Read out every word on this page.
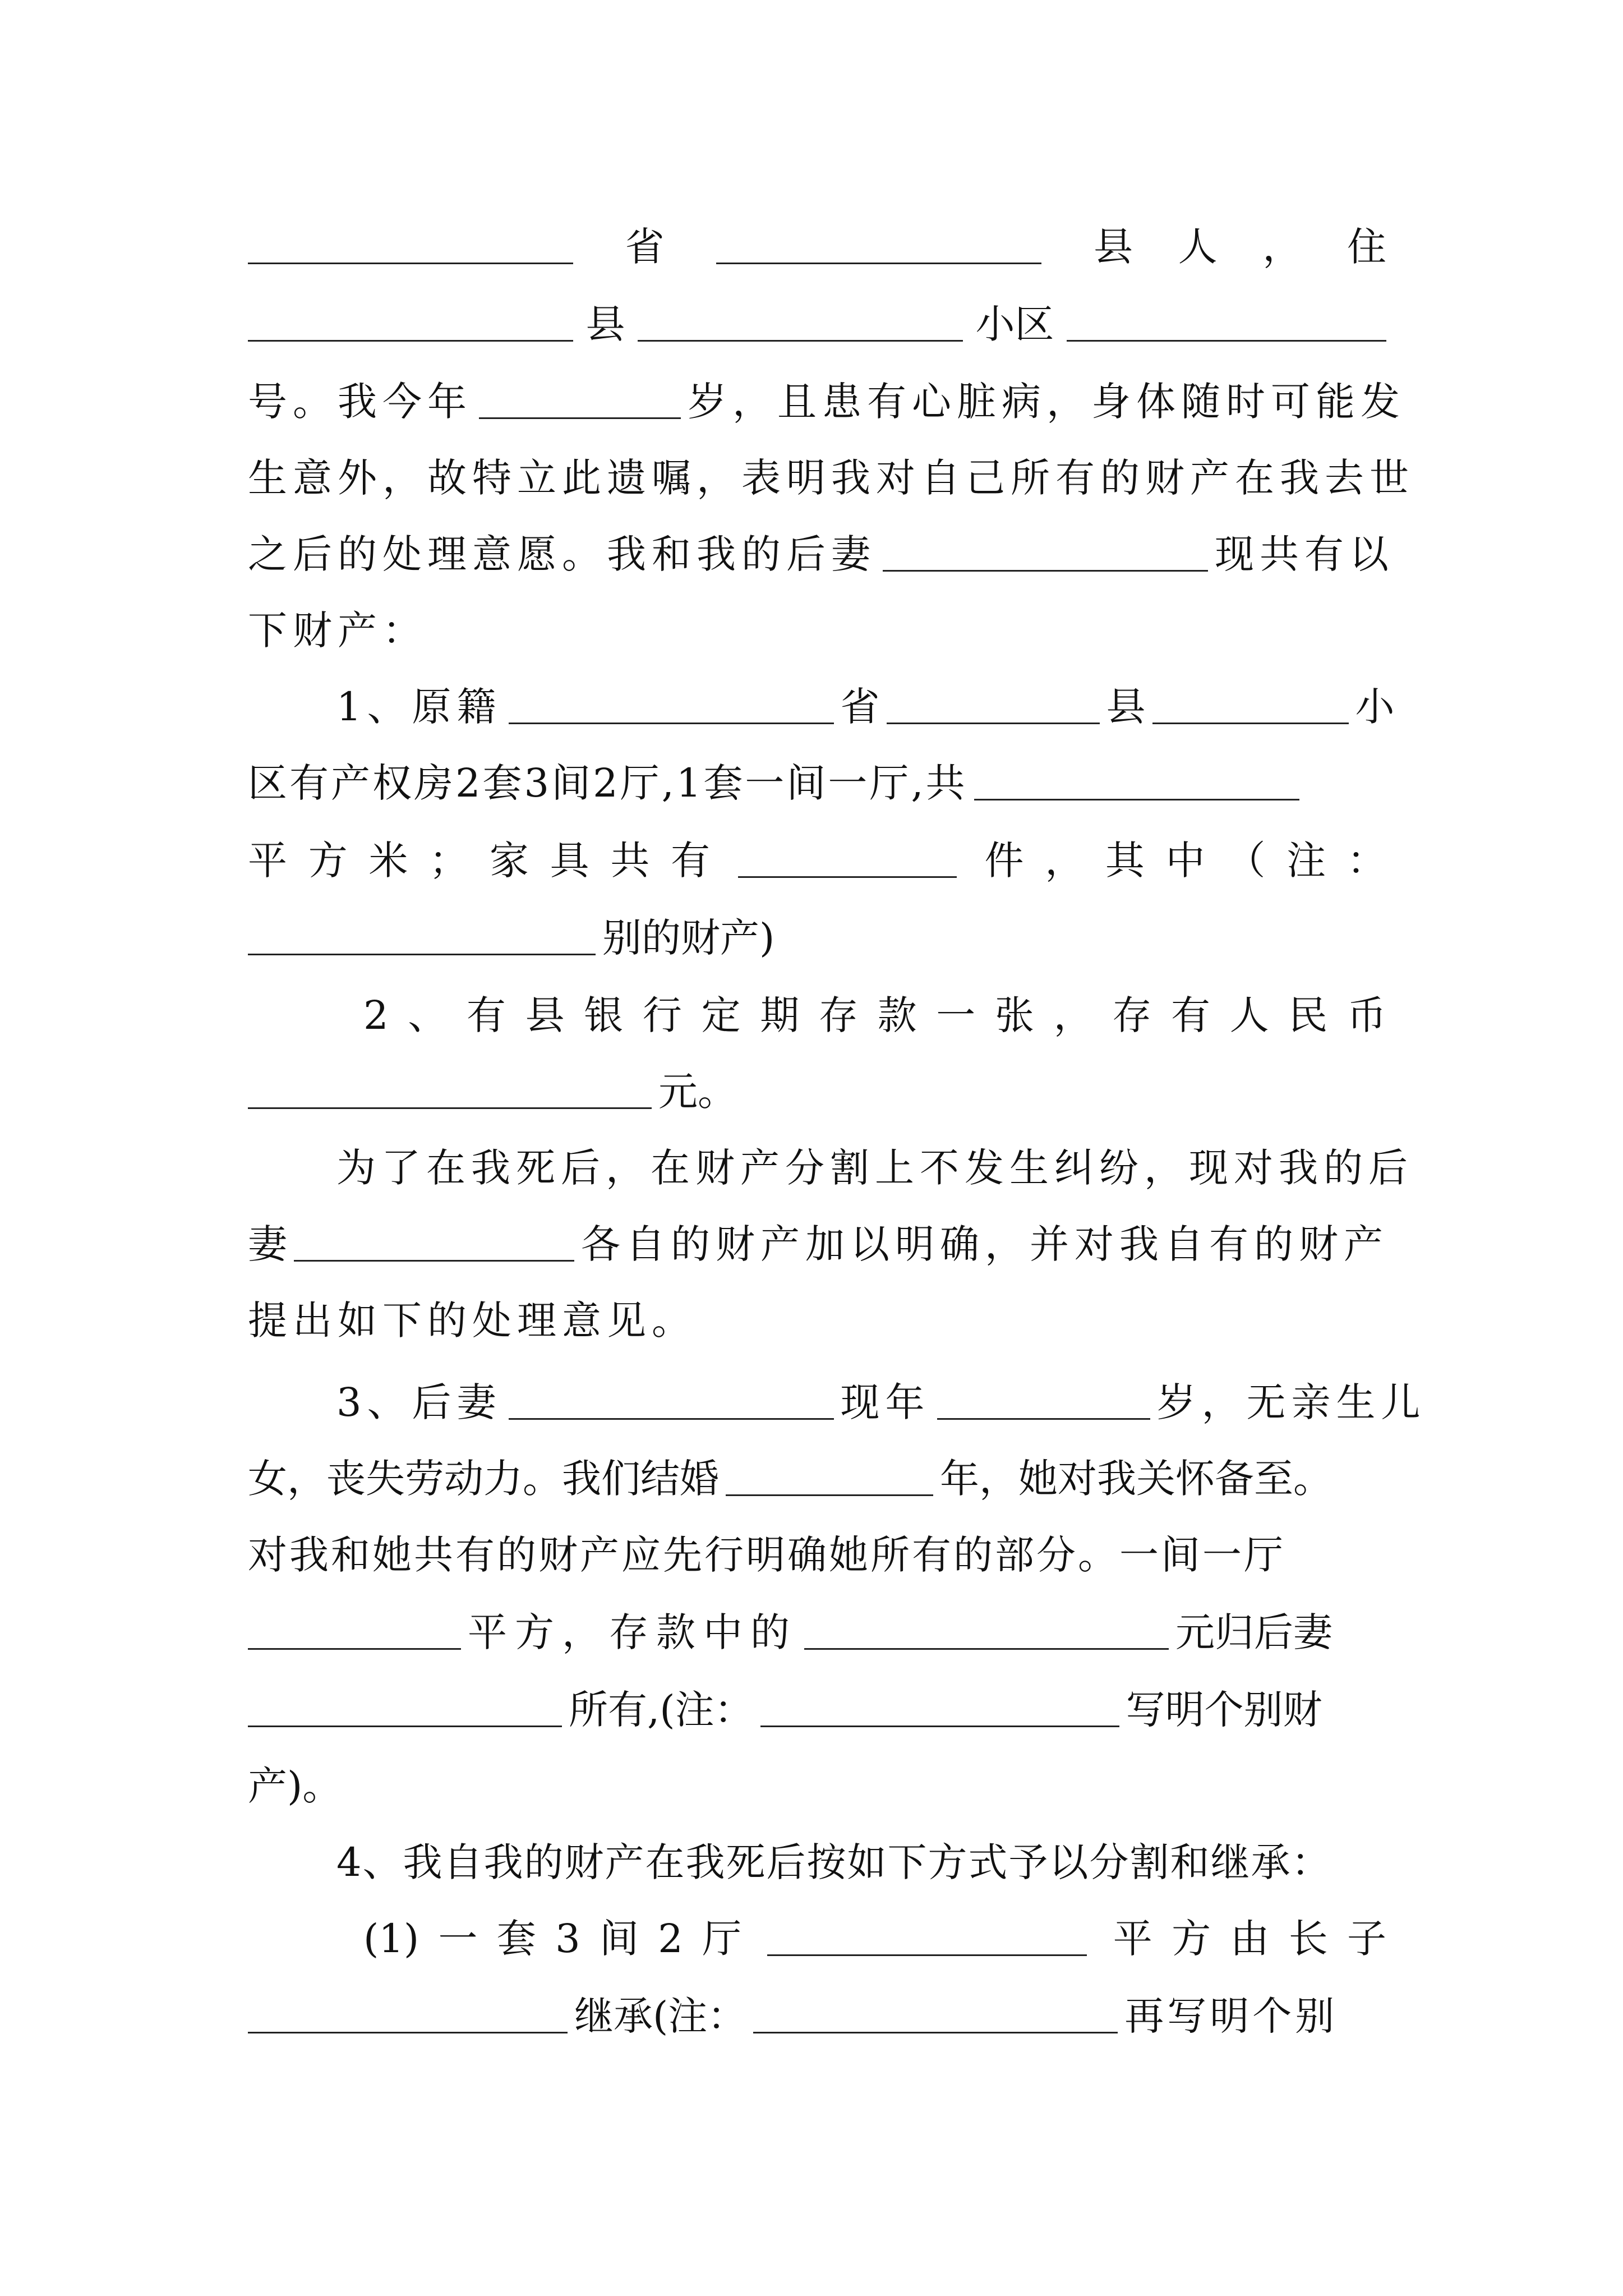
省	县 人 ， 住
县	小区
号。我今年	岁，且患有心脏病，身体随时可能发
生意外，故特立此遗嘱，表明我对自己所有的财产在我去世
之后的处理意愿。我和我的后妻	现共有以
下财产：
1、原籍	省	县	小
区有产权房2套3间2厅,1套一间一厅,共
平 方 米 ； 家 具 共 有	件 ， 其 中 （ 注 ：
别的财产)
2 、 有 县 银 行 定 期 存 款 一 张 ， 存 有 人 民 币
元。
为了在我死后，在财产分割上不发生纠纷，现对我的后
妻	各自的财产加以明确，并对我自有的财产
提出如下的处理意见。
3、后妻	现年	岁，无亲生儿
女，丧失劳动力。我们结婚	年，她对我关怀备至。
对我和她共有的财产应先行明确她所有的部分。一间一厅
平方，存款中的	元归后妻
所有,(注：	写明个别财
产)。
4、我自我的财产在我死后按如下方式予以分割和继承：
(1) 一 套 3 间 2 厅	平 方 由 长 子
继承(注：	再写明个别
